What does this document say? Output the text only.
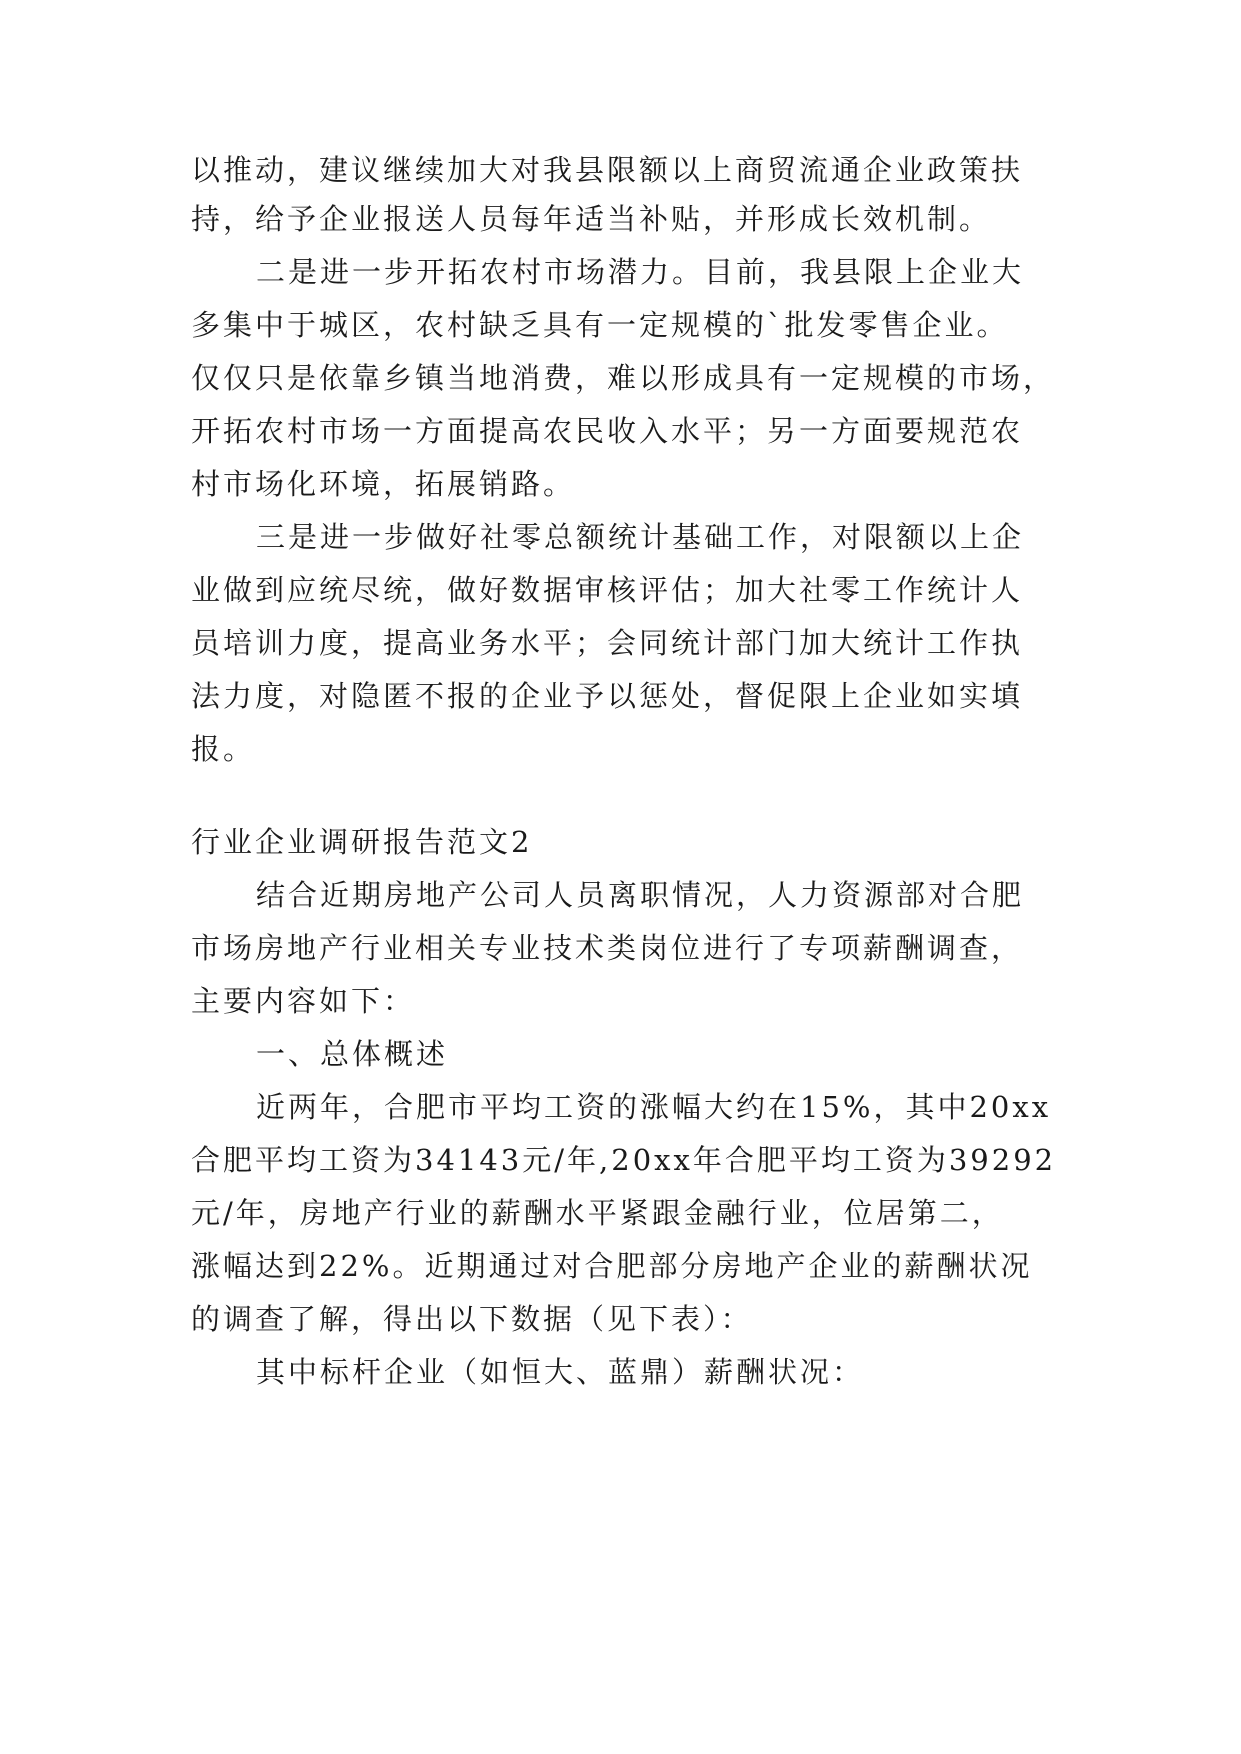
以推动，建议继续加大对我县限额以上商贸流通企业政策扶
持，给予企业报送人员每年适当补贴，并形成长效机制。
二是进一步开拓农村市场潜力。目前，我县限上企业大
多集中于城区，农村缺乏具有一定规模的`批发零售企业。
仅仅只是依靠乡镇当地消费，难以形成具有一定规模的市场，
开拓农村市场一方面提高农民收入水平；另一方面要规范农
村市场化环境，拓展销路。
三是进一步做好社零总额统计基础工作，对限额以上企
业做到应统尽统，做好数据审核评估；加大社零工作统计人
员培训力度，提高业务水平；会同统计部门加大统计工作执
法力度，对隐匿不报的企业予以惩处，督促限上企业如实填
报。
行业企业调研报告范文2
结合近期房地产公司人员离职情况，人力资源部对合肥
市场房地产行业相关专业技术类岗位进行了专项薪酬调查，
主要内容如下：
一、总体概述
近两年，合肥市平均工资的涨幅大约在15%，其中20xx
合肥平均工资为34143元/年,20xx年合肥平均工资为39292
元/年，房地产行业的薪酬水平紧跟金融行业，位居第二，
涨幅达到22%。近期通过对合肥部分房地产企业的薪酬状况
的调查了解，得出以下数据（见下表）：
其中标杆企业（如恒大、蓝鼎）薪酬状况：
